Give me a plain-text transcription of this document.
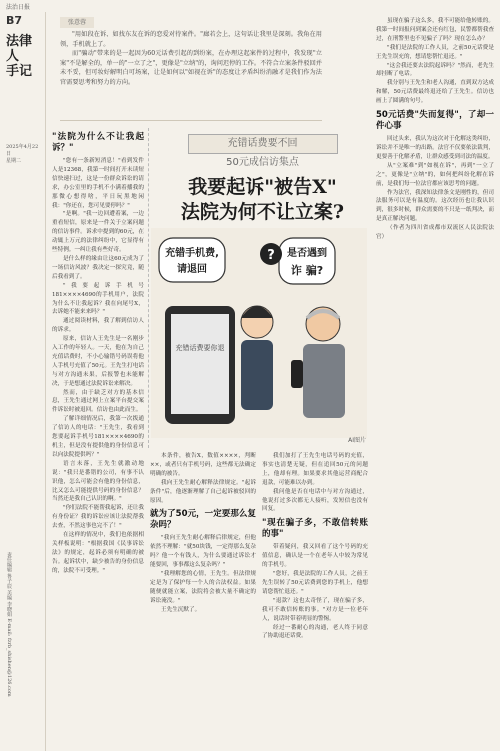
法治日报
B7
法律人 手记
2025年4月22日
星期二
责任编辑 鲁子辰 美编 李晓娟 E-mail: fzrb_shishen@126.com
张意蓉

"用如段在诉、如找东友在诉的恋爱对待案件。"廊若会上，这句话让我里是深刻。我角在用领，手机就上了。

而"骗动"带来的是一起因为60元话费引起的到纷案，在办理这起案件的过程中，我发现"立案"不是解全的，单一的"一立了之"，更像是"立纳"的，询问迟停的工作。不符合立案条件驳回并未不妥，但可妆好解明白可场案，让是如何以"如视在诉"的态度让矛盾纠纷消融才是我们作为法官需要思考和努力的方向。

"法院为什么不让我起诉？"

"您有一条新短消息！"看到发件人是12368，我第一时间打开未读短信快速扫过，这是一份群众诉讼的请求，办公室里的手机不小满着播我的那微心想得啥，平日玩黑地闲我："你还在，您可见要停吗？"

"是啊。"我一边回遭着案，一边重看短信，原来是一件关于立案问题的信访事件。诉求中提到的60元，在动辄上万元的法律纠纷中，它显得有些特例。一纠让我有些好奇。

是什么样的缘由让这60元成为了一场信访风波？我决定一探究竟，随后我看到了。

"我要起诉手机号181××××4690的手机用户，法院为什么不让我起诉？我在向尾号X，去诉她不能来来吗？"

通过阅读材料，我了解到信访人的诉求。

原来，信访人王先生是一名刚步入工作的年轻人。一天，他在为自己充值话费时，不小心输错号码误将他人手机号充值了50元。王先生打电话与对方沟通未果，后报警也未能解决，于是想通过法院诉讼来解决。

然而，由于缺乏对方的基本信息，王先生通过网上立案平台提交案件诉讼时被退回。信访也由此而生。

了解详细情况后，我第一次拨通了信访人的电话："王先生，我看到您要起诉手机号181××××4690的机主，但是没有提供他的身份信息可以向法院提供吗？"

语言未落，王先生就激动地说："我只是番错的公司，有事不认识他，怎么可能会有他的身份信息，比又怎么可能提供号码的身份信息？当然还是我自己认识的啊。"

"你们法院不能帮我起诉，还让我有身份证？我的诉讼应该让法院帮我去查，不然这事也完不了！"

在这样的情况中，我们也依据相关样板说明："根据我国《民事诉讼法》的规定，起诉必须有明确的被告。起诉状中，缺少被告的身份信息的，法院不可受理。"

充错话费要不回
50元成信访集点
我要起诉"被告X"
法院为何不让立案?
充错手机费,
请退回
是否遇到
诈 骗?
?
充错话费要你退
AI图片

本条件，被告X，数值××××，判断××，或者只有手机号码，这些都无法确定明确的被告。

我向王先生耐心解释法律规定。"起诉条件"后，他逐渐理解了自己起诉被驳回的原因。

就为了50元，一定要那么复杂吗？

"我向王先生耐心解释后律规定，但他依然不理解："就50块钱，一定得那么复杂吗？他一个有钱人，为什么要通过诉讼才能要回，事事都这么复杂吗？"

"我理解您的心情，王先生。但法律规定是为了保护每一个人的合法权益。如果随便就能立案，法院将会被大量不确定的诉讼淹没。"

王先生沉默了。

我们加打了王先生电话号码的充值，事实也清楚无疑，但在追回50元的问题上，他却有理。如果要求其他运营商配合退款，可能难以办到。

我问他是否在电话中与对方沟通过，他说打过多次都无人接听，发短信也没有回复。

"现在骗子多，不敢信转账的事"

带着疑问，我又回看了这个号码的充值信息，确认是一个在老年人中较为常见的手机号。

"您好，我是法院的工作人员，之前王先生误转了50元话费到您的手机上，他想请您帮忙退还。"

"退款？这也太奇怪了，现在骗子多，我可不敢信转账的事。"对方是一位老年人，说话时带着明显的警惕。

经过一番耐心的沟通，老人终于同意了协助退还话费。

虽现在骗子这么多，我不可能给他转账的。我第一时间报问到案会还有红包，民警都帮我查过，在刑警里也不见骗子了吗？现在怎么办？

"我们是法院的工作人员，之前50元话费是王先生误充的，想请您帮忙退还。"

"这会我还要去法院起诉吗？"然而，老先生却挂断了电话。

我分别与王先生和老人沟通，直到双方达成和解，50元话费最终退还给了王先生。信访也画上了圆满的句号。

50元话费"失而复得"，了却一件心事

回过头来，我认为这次对于化解这类纠纷，诉讼并不是唯一的出路。法官不仅要依法裁判，更要善于化解矛盾，让群众感受到司法的温度。

从"立案难"到"如视在诉"，再到"一立了之"，更像是"立纳"的，如何把纠纷化解在诉前，是我们每一位法官都应该思考的问题。

作为法官，我深知法律条文是刚性的，但司法服务可以是有温度的。这次经历也让我认识到，很多时候，群众需要的不只是一纸判决，而是真正解决问题。

（作者为四川省成都市双流区人民法院法官）
